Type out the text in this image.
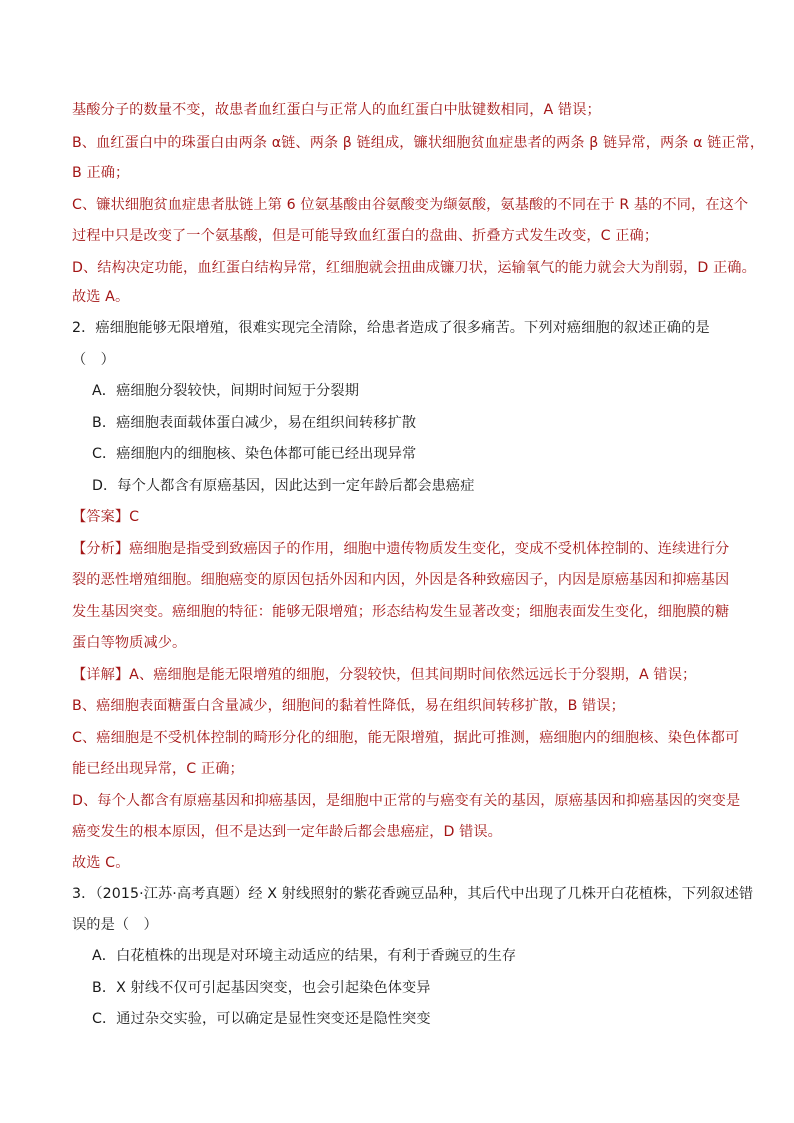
基酸分子的数量不变，故患者血红蛋白与正常人的血红蛋白中肽键数相同，A 错误；
B、血红蛋白中的珠蛋白由两条 α链、两条 β 链组成，镰状细胞贫血症患者的两条 β 链异常，两条 α 链正常，
B 正确；
C、镰状细胞贫血症患者肽链上第 6 位氨基酸由谷氨酸变为缬氨酸，氨基酸的不同在于 R 基的不同，在这个
过程中只是改变了一个氨基酸，但是可能导致血红蛋白的盘曲、折叠方式发生改变，C 正确；
D、结构决定功能，血红蛋白结构异常，红细胞就会扭曲成镰刀状，运输氧气的能力就会大为削弱，D 正确。
故选 A。
2．癌细胞能够无限增殖，很难实现完全清除，给患者造成了很多痛苦。下列对癌细胞的叙述正确的是
（　）
A．癌细胞分裂较快，间期时间短于分裂期
B．癌细胞表面载体蛋白减少，易在组织间转移扩散
C．癌细胞内的细胞核、染色体都可能已经出现异常
D．每个人都含有原癌基因，因此达到一定年龄后都会患癌症
【答案】C
【分析】癌细胞是指受到致癌因子的作用，细胞中遗传物质发生变化，变成不受机体控制的、连续进行分
裂的恶性增殖细胞。细胞癌变的原因包括外因和内因，外因是各种致癌因子，内因是原癌基因和抑癌基因
发生基因突变。癌细胞的特征：能够无限增殖；形态结构发生显著改变；细胞表面发生变化，细胞膜的糖
蛋白等物质减少。
【详解】A、癌细胞是能无限增殖的细胞，分裂较快，但其间期时间依然远远长于分裂期，A 错误；
B、癌细胞表面糖蛋白含量减少，细胞间的黏着性降低，易在组织间转移扩散，B 错误；
C、癌细胞是不受机体控制的畸形分化的细胞，能无限增殖，据此可推测，癌细胞内的细胞核、染色体都可
能已经出现异常，C 正确；
D、每个人都含有原癌基因和抑癌基因，是细胞中正常的与癌变有关的基因，原癌基因和抑癌基因的突变是
癌变发生的根本原因，但不是达到一定年龄后都会患癌症，D 错误。
故选 C。
3．（2015·江苏·高考真题）经 X 射线照射的紫花香豌豆品种，其后代中出现了几株开白花植株，下列叙述错
误的是（　）
A．白花植株的出现是对环境主动适应的结果，有利于香豌豆的生存
B．X 射线不仅可引起基因突变，也会引起染色体变异
C．通过杂交实验，可以确定是显性突变还是隐性突变
